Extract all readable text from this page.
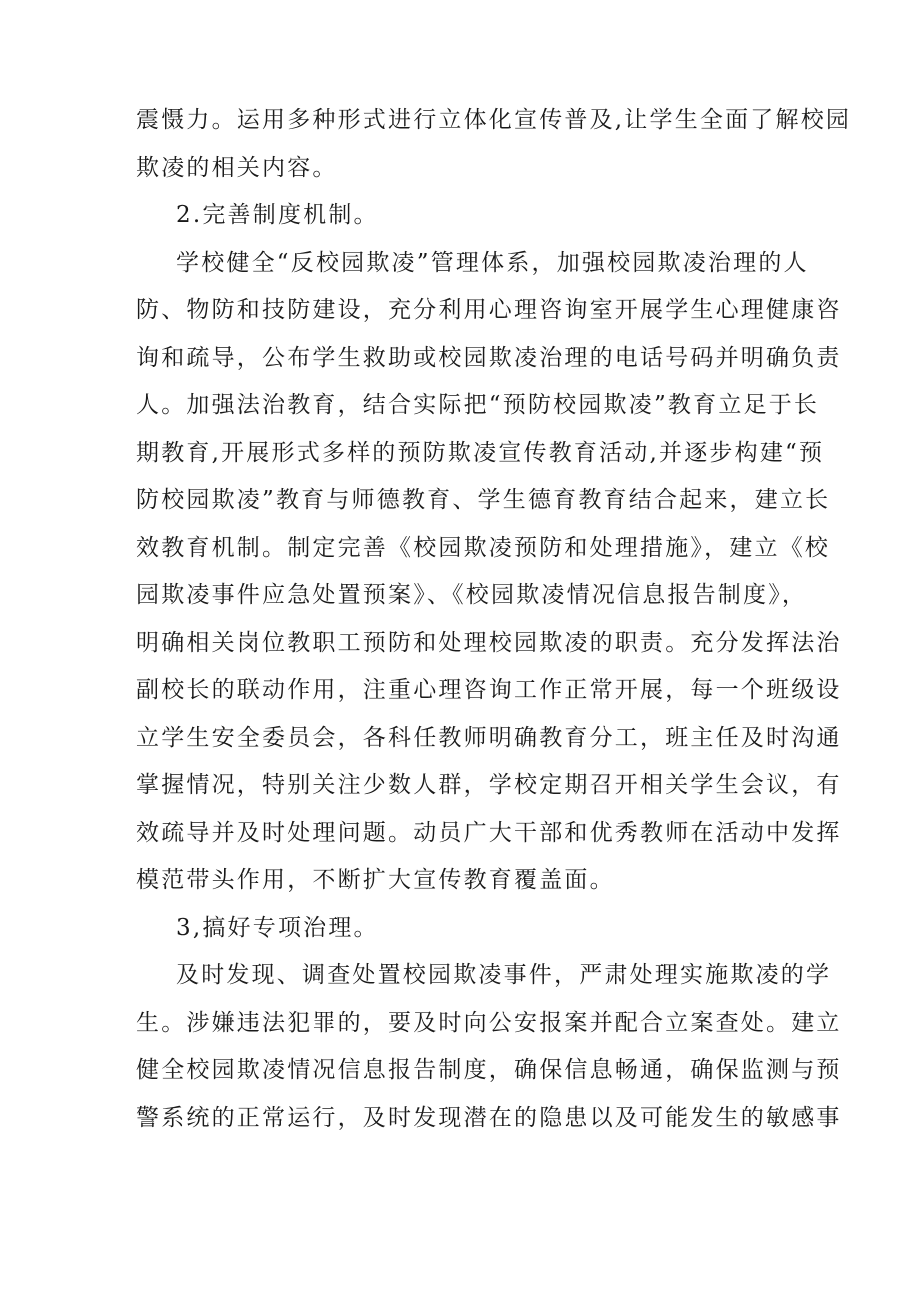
震慑力。运用多种形式进行立体化宣传普及,让学生全面了解校园
欺凌的相关内容。
2.完善制度机制。
学校健全“反校园欺凌”管理体系，加强校园欺凌治理的人
防、物防和技防建设，充分利用心理咨询室开展学生心理健康咨
询和疏导，公布学生救助或校园欺凌治理的电话号码并明确负责
人。加强法治教育，结合实际把“预防校园欺凌”教育立足于长
期教育,开展形式多样的预防欺凌宣传教育活动,并逐步构建“预
防校园欺凌”教育与师德教育、学生德育教育结合起来，建立长
效教育机制。制定完善《校园欺凌预防和处理措施》，建立《校
园欺凌事件应急处置预案》、《校园欺凌情况信息报告制度》，
明确相关岗位教职工预防和处理校园欺凌的职责。充分发挥法治
副校长的联动作用，注重心理咨询工作正常开展，每一个班级设
立学生安全委员会，各科任教师明确教育分工，班主任及时沟通
掌握情况，特别关注少数人群，学校定期召开相关学生会议，有
效疏导并及时处理问题。动员广大干部和优秀教师在活动中发挥
模范带头作用，不断扩大宣传教育覆盖面。
3,搞好专项治理。
及时发现、调查处置校园欺凌事件，严肃处理实施欺凌的学
生。涉嫌违法犯罪的，要及时向公安报案并配合立案查处。建立
健全校园欺凌情况信息报告制度，确保信息畅通，确保监测与预
警系统的正常运行，及时发现潜在的隐患以及可能发生的敏感事
